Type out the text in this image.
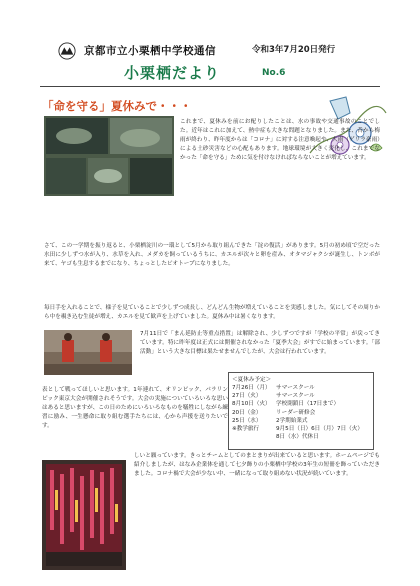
京都市立小栗栖中学校通信	令和3年7月20日発行
小栗栖だより	No.6
「命を守る」夏休みで・・・
これまで、夏休みを前にお配りしたことは、水の事故や交通事故のことでした。近年はこれに加えて、熱中症も大きな問題となりました。また、昔から梅雨が終わり、昨年度からは「コロナ」に対する注意喚起や、大雨（ゲリラ豪雨）による土砂災害などの心配もあります。地球環境が大きく変化し、これまでなかった「命を守る」ために気を付けなければならないことが増えています。
さて、この一学期を振り返ると、小栗栖淀川の一環として5月から取り組んできた「淀の復活」があります。5月の初め頃で空だった水田に少しずつ水が入り、水草を入れ、メダカを飼っているうちに、カエルが次々と卵を産み、オタマジャクシが誕生し、トンボが来て、ヤゴも生息するまでになり、ちょっとしたビオトープになりました。
毎日手を入れることで、様子を見ていることで少しずつ成長し、どんどん生物が増えていることを実感しました。気にしてその周りから中を覗き込む生徒が増え、カエルを見て歓声を上げていました。夏休み中は暑くなります。
7月11日で「まん延防止等重点措置」は解除され、少しずつですが「学校の平常」が戻ってきています。特に昨年度は正式には開催されなかった「夏季大会」がすでに始まっています。「部活動」という大きな目標は果たせませんでしたが、大会は行われています。
表として戦ってほしいと思います。1年連れて、オリンピック、パラリンピック東京大会が開催されそうです。大会の実施についていろいろな思いはあると思いますが、この日のためにいろいろなものを犠牲にしながら練習に励み、一生懸命に取り組む選手たちには、心から声援を送りたいです。
＜夏休み予定＞
7月26日（月） サマースクール
27日（火）	サマースクール
8月10日（火） 学校閉鎖日（17日まで）
20日（金）	リーダー研修会
25日（水）	2学期始業式
※教学旅行	9月5日（日）6日（月）7日（火）
8日（水）代休日
しいと願っています。きっとチームとしてのまとまりが出来ていると思います。ホームページでも紹介しましたが、はなみ企業体を通して七夕飾りの小栗栖中学校の3年生の短冊を飾っていただきました。コロナ禍で大会が少ない中、一緒になって取り組めない状況が続いています。
